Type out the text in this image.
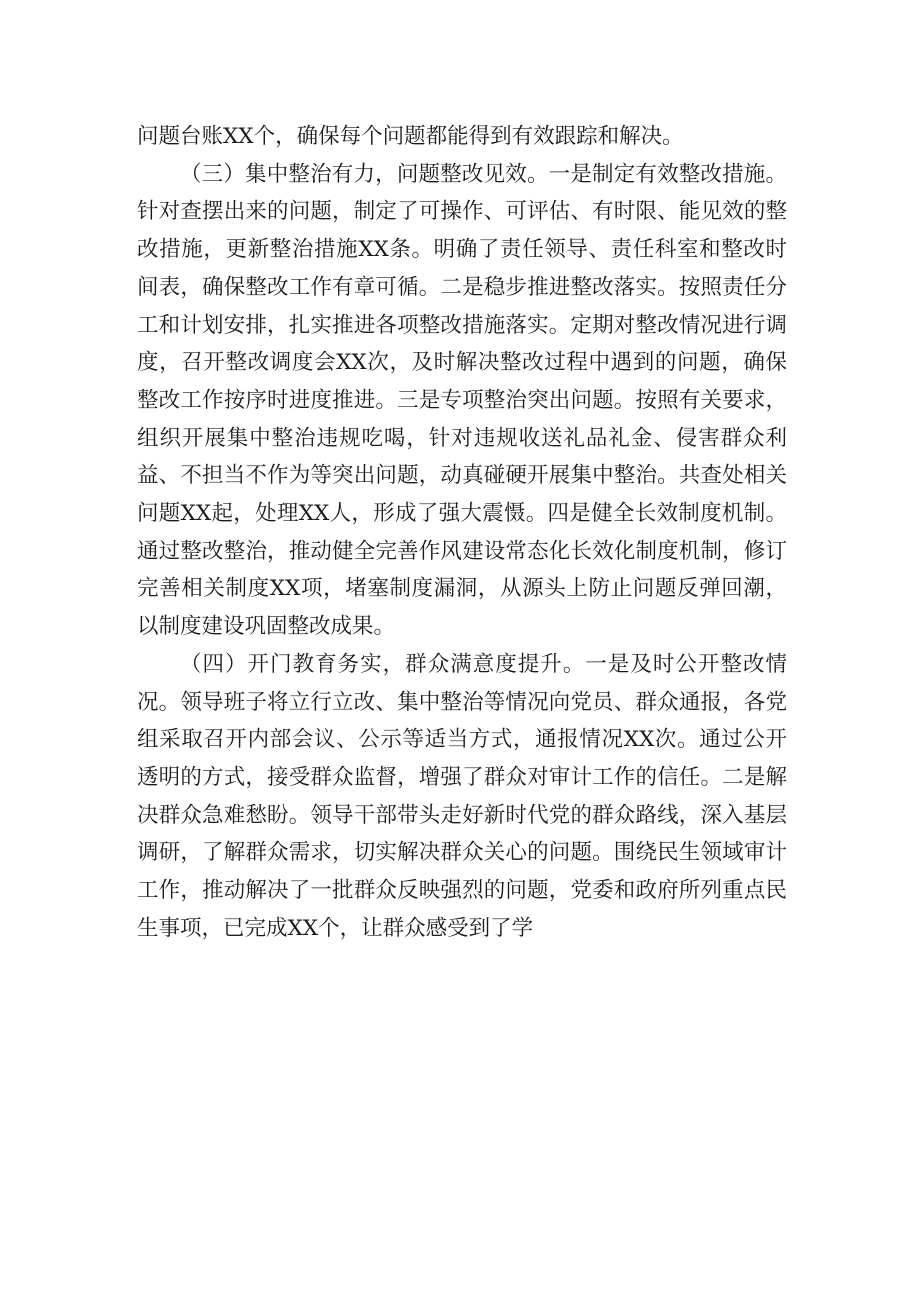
问题台账XX个，确保每个问题都能得到有效跟踪和解决。

（三）集中整治有力，问题整改见效。一是制定有效整改措施。针对查摆出来的问题，制定了可操作、可评估、有时限、能见效的整改措施，更新整治措施XX条。明确了责任领导、责任科室和整改时间表，确保整改工作有章可循。二是稳步推进整改落实。按照责任分工和计划安排，扎实推进各项整改措施落实。定期对整改情况进行调度，召开整改调度会XX次，及时解决整改过程中遇到的问题，确保整改工作按序时进度推进。三是专项整治突出问题。按照有关要求，组织开展集中整治违规吃喝，针对违规收送礼品礼金、侵害群众利益、不担当不作为等突出问题，动真碰硬开展集中整治。共查处相关问题XX起，处理XX人，形成了强大震慑。四是健全长效制度机制。通过整改整治，推动健全完善作风建设常态化长效化制度机制，修订完善相关制度XX项，堵塞制度漏洞，从源头上防止问题反弹回潮，以制度建设巩固整改成果。

（四）开门教育务实，群众满意度提升。一是及时公开整改情况。领导班子将立行立改、集中整治等情况向党员、群众通报，各党组采取召开内部会议、公示等适当方式，通报情况XX次。通过公开透明的方式，接受群众监督，增强了群众对审计工作的信任。二是解决群众急难愁盼。领导干部带头走好新时代党的群众路线，深入基层调研，了解群众需求，切实解决群众关心的问题。围绕民生领域审计工作，推动解决了一批群众反映强烈的问题，党委和政府所列重点民生事项，已完成XX个，让群众感受到了学
